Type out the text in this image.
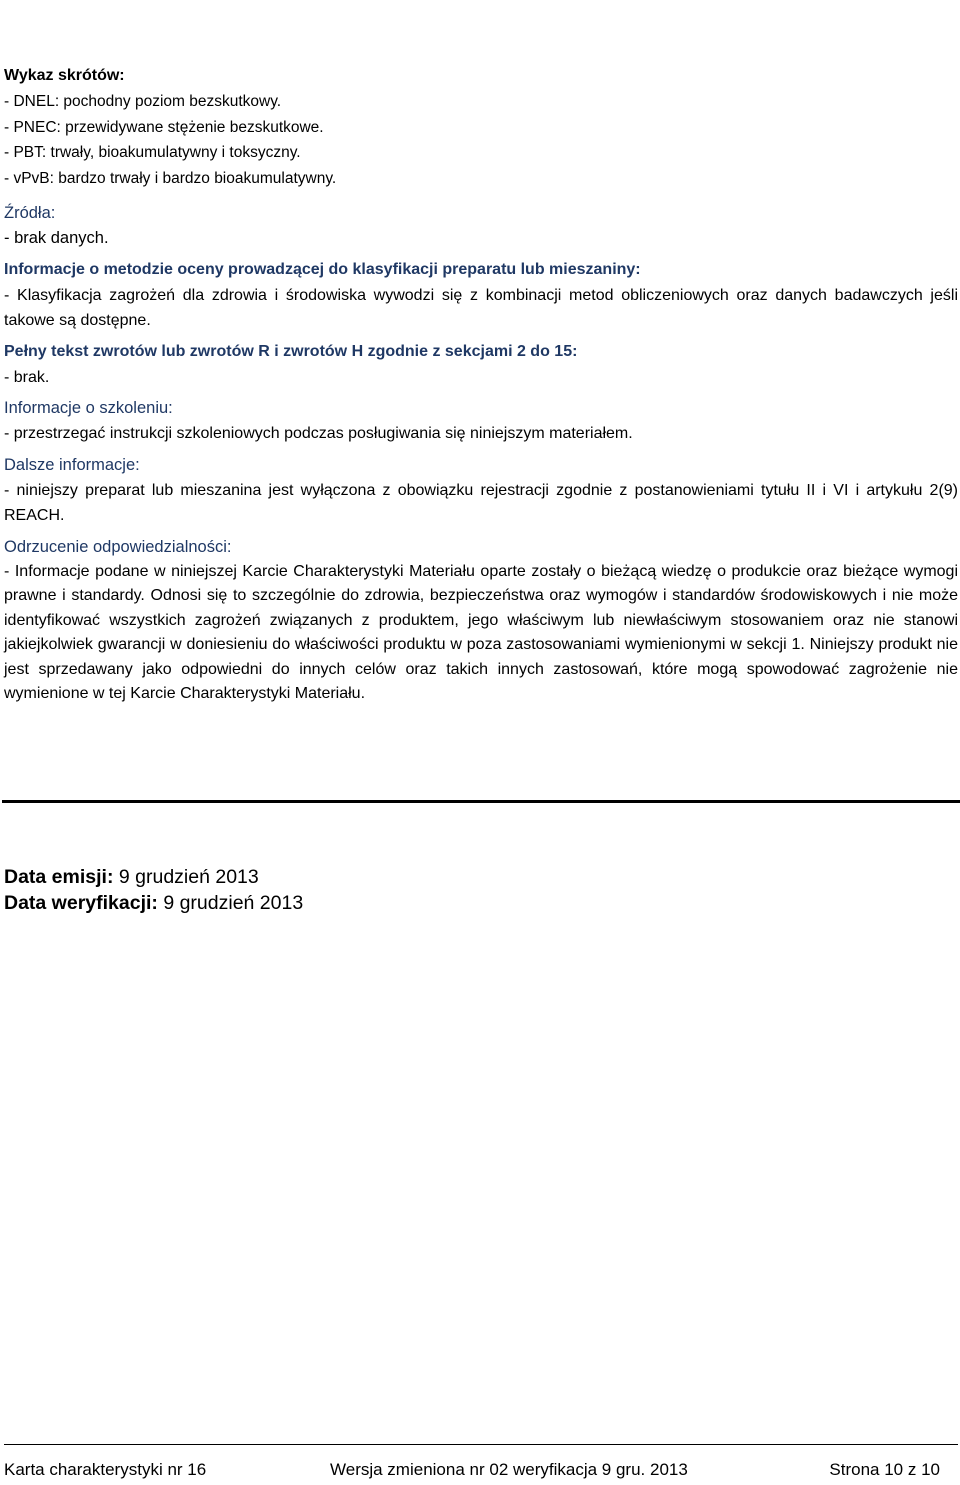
Wykaz skrótów:
- DNEL: pochodny poziom bezskutkowy.
- PNEC: przewidywane stężenie bezskutkowe.
- PBT: trwały, bioakumulatywny i toksyczny.
- vPvB: bardzo trwały i bardzo bioakumulatywny.
Źródła:
- brak danych.

Informacje o metodzie oceny prowadzącej do klasyfikacji preparatu lub mieszaniny:

- Klasyfikacja zagrożeń dla zdrowia i środowiska wywodzi się z kombinacji metod obliczeniowych oraz danych badawczych jeśli takowe są dostępne.

Pełny tekst zwrotów lub zwrotów R i zwrotów H zgodnie z sekcjami 2 do 15:

- brak.

Informacje o szkoleniu:

- przestrzegać instrukcji szkoleniowych podczas posługiwania się niniejszym materiałem.

Dalsze informacje:

- niniejszy preparat lub mieszanina jest wyłączona z obowiązku rejestracji zgodnie z postanowieniami tytułu II i VI i artykułu 2(9) REACH.

Odrzucenie odpowiedzialności:

- Informacje podane w niniejszej Karcie Charakterystyki Materiału oparte zostały o bieżącą wiedzę o produkcie oraz bieżące wymogi prawne i standardy. Odnosi się to szczególnie do zdrowia, bezpieczeństwa oraz wymogów i standardów środowiskowych i nie może identyfikować wszystkich zagrożeń związanych z produktem, jego właściwym lub niewłaściwym stosowaniem oraz nie stanowi jakiejkolwiek gwarancji w doniesieniu do właściwości produktu w poza zastosowaniami wymienionymi w sekcji 1. Niniejszy produkt nie jest sprzedawany jako odpowiedni do innych celów oraz takich innych zastosowań, które mogą spowodować zagrożenie nie wymienione w tej Karcie Charakterystyki Materiału.

Data emisji: 9 grudzień 2013
Data weryfikacji: 9 grudzień 2013
Karta charakterystyki nr 16	Wersja zmieniona nr 02 weryfikacja 9 gru. 2013	Strona 10 z 10
